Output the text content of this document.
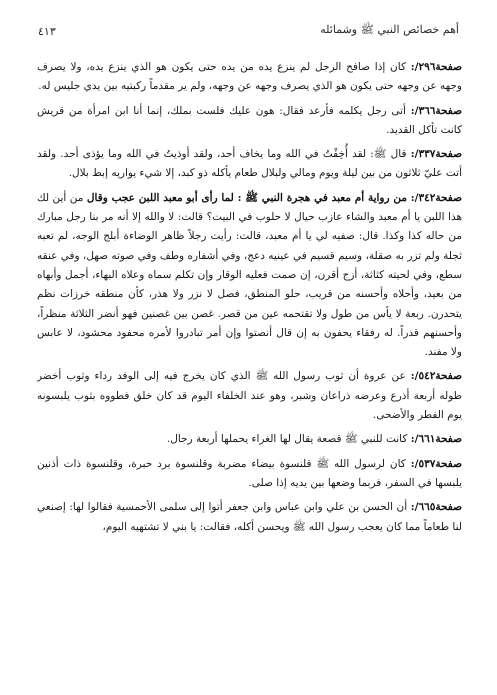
أهم خصائص النبي ﷺ وشمائله
٤١٣

صفحة٢٩٦/: كان إذا صافح الرجل لم ينزع يده من يده حتى يكون هو الذي ينزع يده، ولا يصرف وجهه عن وجهه حتى يكون هو الذي يصرف وجهه عن وجهه، ولم ير مقدماً ركبتيه بين يدي جليس له.

صفحة٣٦٦/: أتى رجل يكلمه فأرعد فقال: هون عليك فلست بملك، إنما أنا ابن امرأة من قريش كانت تأكل القديد.

صفحة٣٣٧/: قال ﷺ: لقد أُخِفْتُ في الله وما يخاف أحد، ولقد أوذيتُ في الله وما يؤذى أحد. ولقد أتت عليّ ثلاثون من بين ليلة ويوم ومالي ولبلال طعام يأكله ذو كبد، إلا شيء يواريه إبط بلال.

صفحة٣٤٢/: من رواية أم معبد في هجرة النبي ﷺ : لما رأى أبو معبد اللبن عجب وقال من أين لك هذا اللبن يا أم معبد والشاء عازب حيال لا حلوب في البيت؟ قالت: لا والله إلا أنه مر بنا رجل مبارك من حاله كذا وكذا. قال: صفيه لي يا أم معبد، قالت: رأيت رجلاً ظاهر الوضاءة أبلج الوجه، لم تعبه ثجلة ولم تزر به صقلة، وسيم قسيم في عينيه دعج، وفي أشفاره وطف وفي صوته صهل، وفي عنقه سطع، وفي لحيته كثاثة، أزج أقرن، إن صمت فعليه الوقار وإن تكلم سماه وعلاه البهاء، أجمل وأبهاه من بعيد، وأحلاه وأحسنه من قريب، حلو المنطق، فصل لا نزر ولا هذر، كأن منطقه خرزات نظم يتحدرن. ربعة لا يأس من طول ولا تقتحمه عين من قصر. غصن بين غصنين فهو أنضر الثلاثة منظراً، وأحسنهم قدراً. له رفقاء يحفون به إن قال أنصتوا وإن أمر تبادروا لأمره محفود محشود، لا عابس ولا مفند.

صفحة٥٤٢/: عن عروة أن ثوب رسول الله ﷺ الذي كان يخرج فيه إلى الوفد رداء وثوب أخضر طوله أربعة أذرع وعرضه ذراعان وشبر، وهو عند الخلفاء اليوم قد كان خلق فطووه بثوب يلبسونه يوم الفطر والأضحى.

صفحة٦٦١/: كانت للنبي ﷺ قصعة يقال لها الغراء يحملها أربعة رجال.

صفحة٥٣٧/: كان لرسول الله ﷺ قلنسوة بيضاء مضربة وقلنسوة برد حبرة، وقلنسوة ذات أذنين يلبسها في السفر، فربما وضعها بين يديه إذا صلى.

صفحة٦٦٥/: أن الحسن بن علي وابن عباس وابن جعفر أتوا إلى سلمى الأحمسية فقالوا لها: إصنعي لنا طعاماً مما كان يعجب رسول الله ﷺ ويحسن أكله، فقالت: يا بني لا تشتهيه اليوم،
